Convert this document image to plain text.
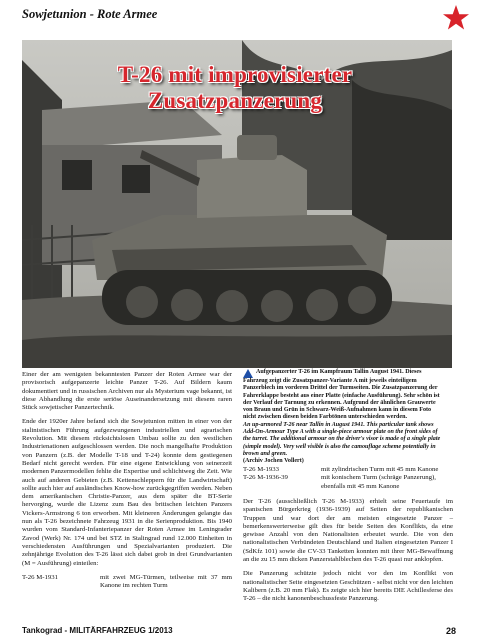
Sowjetunion - Rote Armee
T-26 mit improvisierter Zusatzpanzerung
Aufgepanzerter T-26 im Kampfraum Tallin August 1941. Dieses Fahrzeug zeigt die Zusatzpanzer-Variante A mit jeweils einteiligem Panzerblech im vorderen Drittel der Turmseiten. Die Zusatzpanzerung der Fahrerklappe besteht aus einer Platte (einfache Ausführung). Sehr schön ist der Verlauf der Tarnung zu erkennen. Aufgrund der ähnlichen Grauwerte von Braun und Grün in Schwarz-Weiß-Aufnahmen kann in diesem Foto nicht zwischen diesen beiden Farbtönen unterschieden werden.
An up-armored T-26 near Tallin in August 1941. This particular tank shows Add-On-Armour Type A with a single-piece armour plate on the front sides of the turret. The additional armour on the driver's visor is made of a single plate (simple model). Very well visible is also the camouflage scheme potentially in brown and green.
(Archiv Jochen Vollert)

Einer der am wenigsten bekanntesten Panzer der Roten Armee war der provisorisch aufgepanzerte leichte Panzer T-26. Auf Bildern kaum dokumentiert und in russischen Archiven nur als Mysterium vage bekannt, ist diese Abhandlung die erste seriöse Auseinandersetzung mit diesem raren Stück sowjetischer Panzertechnik.

Ende der 1920er Jahre befand sich die Sowjetunion mitten in einer von der stalinistischen Führung aufgezwungenen industriellen und agrarischen Revolution. Mit diesem rücksichtslosen Umbau sollte zu den westlichen Industrienationen aufgeschlossen werden. Die noch mangelhafte Produktion von Panzern (z.B. der Modelle T-18 und T-24) konnte dem gestiegenen Bedarf nicht gerecht werden. Für eine eigene Entwicklung von seinerzeit modernen Panzermodellen fehlte die Expertise und schlichtweg die Zeit. Wie auch auf anderen Gebieten (z.B. Kettenschleppern für die Landwirtschaft) sollte auch hier auf ausländisches Know-how zurückgegriffen werden. Neben dem amerikanischen Christie-Panzer, aus dem später die BT-Serie hervorging, wurde die Lizenz zum Bau des britischen leichten Panzers Vickers-Armstrong 6 ton erworben. Mit kleineren Änderungen gelangte das nun als T-26 bezeichnete Fahrzeug 1931 in die Serienproduktion. Bis 1940 wurden vom Standard-Infanteriepanzer der Roten Armee im Leningrader Zavod (Werk) Nr. 174 und bei STZ in Stalingrad rund 12.000 Einheiten in verschiedensten Ausführungen und Spezialvarianten produziert. Die zehnjährige Evolution des T-26 lässt sich dabei grob in drei Grundvarianten (M = Ausführung) einteilen:

T-26 M-1931	mit zwei MG-Türmen, teilweise mit 37 mm Kanone im rechten Turm
T-26 M-1933	mit zylindrischen Turm mit 45 mm Kanone
T-26 M-1936-39	mit konischem Turm (schräge Panzerung), ebenfalls mit 45 mm Kanone

Der T-26 (ausschließlich T-26 M-1933) erhielt seine Feuertaufe im spanischen Bürgerkrieg (1936-1939) auf Seiten der republikanischen Truppen und war dort der am meisten eingesetzte Panzer – bemerkenswerterweise gilt dies für beide Seiten des Konflikts, da eine gewisse Anzahl von den Nationalisten erbeutet wurde. Die von den nationalistischen Verbündeten Deutschland und Italien eingesetzten Panzer I (SdKfz 101) sowie die CV-33 Tanketten konnten mit ihrer MG-Bewaffnung an die zu 15 mm dicken Panzerstahlblechen des T-26 quasi nur anklopfen.

Die Panzerung schützte jedoch nicht vor den im Konflikt von nationalistischer Seite eingesetzten Geschützen - selbst nicht vor den leichten Kalibern (z.B. 20 mm Flak). Es zeigte sich hier bereits DIE Achillesferse des T-26 – die nicht kanonenbeschussfeste Panzerung.

Tankograd - MILITÄRFAHRZEUG 1/2013	28
